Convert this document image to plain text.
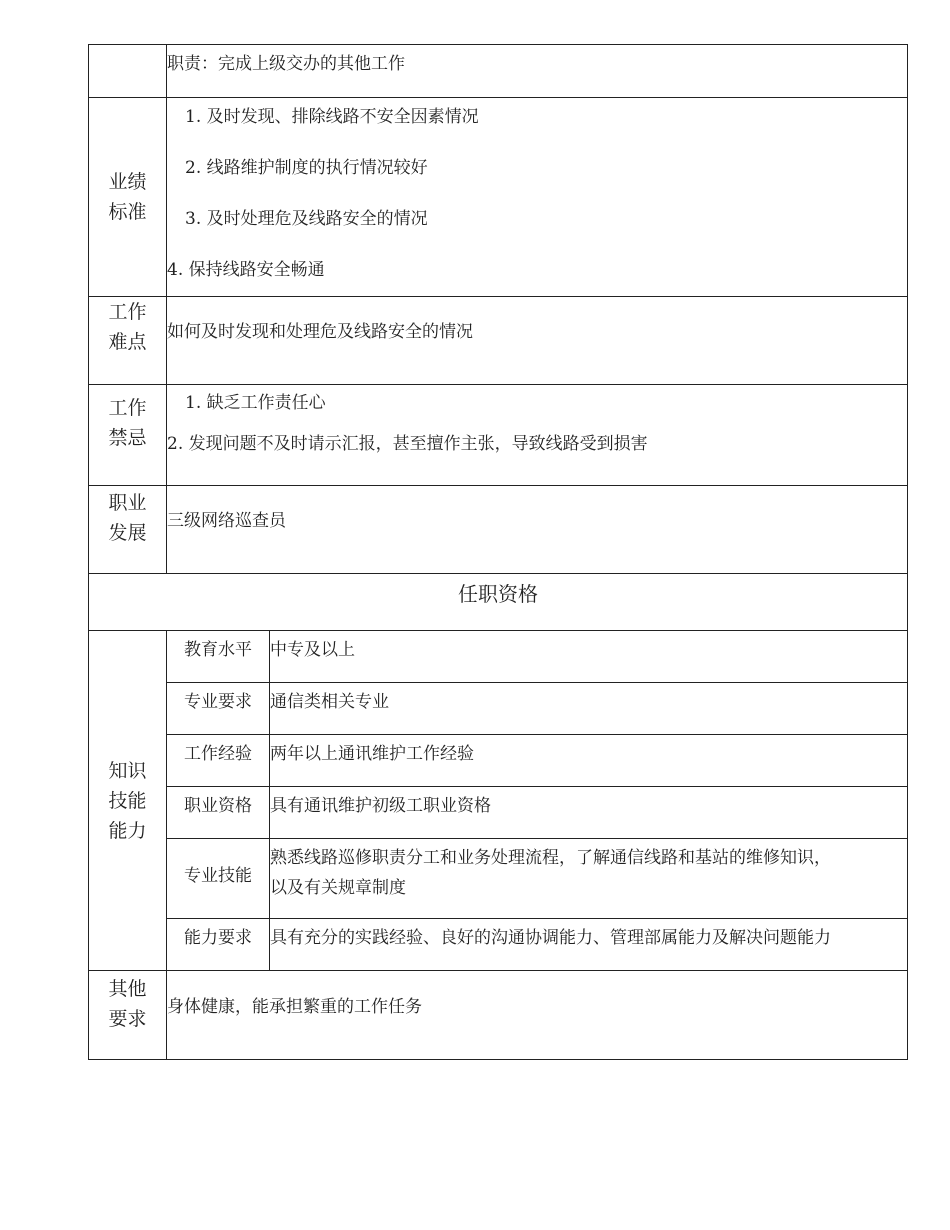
	职责：完成上级交办的其他工作	

业绩
标准	1. 及时发现、排除线路不安全因素情况
2. 线路维护制度的执行情况较好
3. 及时处理危及线路安全的情况
4. 保持线路安全畅通	

工作
难点	如何及时发现和处理危及线路安全的情况	

工作
禁忌	1. 缺乏工作责任心
2. 发现问题不及时请示汇报，甚至擅作主张，导致线路受到损害	

职业
发展	三级网络巡查员	

任职资格		

知识
技能
能力	教育水平	中专及以上

	专业要求	通信类相关专业

	工作经验	两年以上通讯维护工作经验

	职业资格	具有通讯维护初级工职业资格

	专业技能	熟悉线路巡修职责分工和业务处理流程，了解通信线路和基站的维修知识，
以及有关规章制度

	能力要求	具有充分的实践经验、良好的沟通协调能力、管理部属能力及解决问题能力

其他
要求	身体健康，能承担繁重的工作任务	
